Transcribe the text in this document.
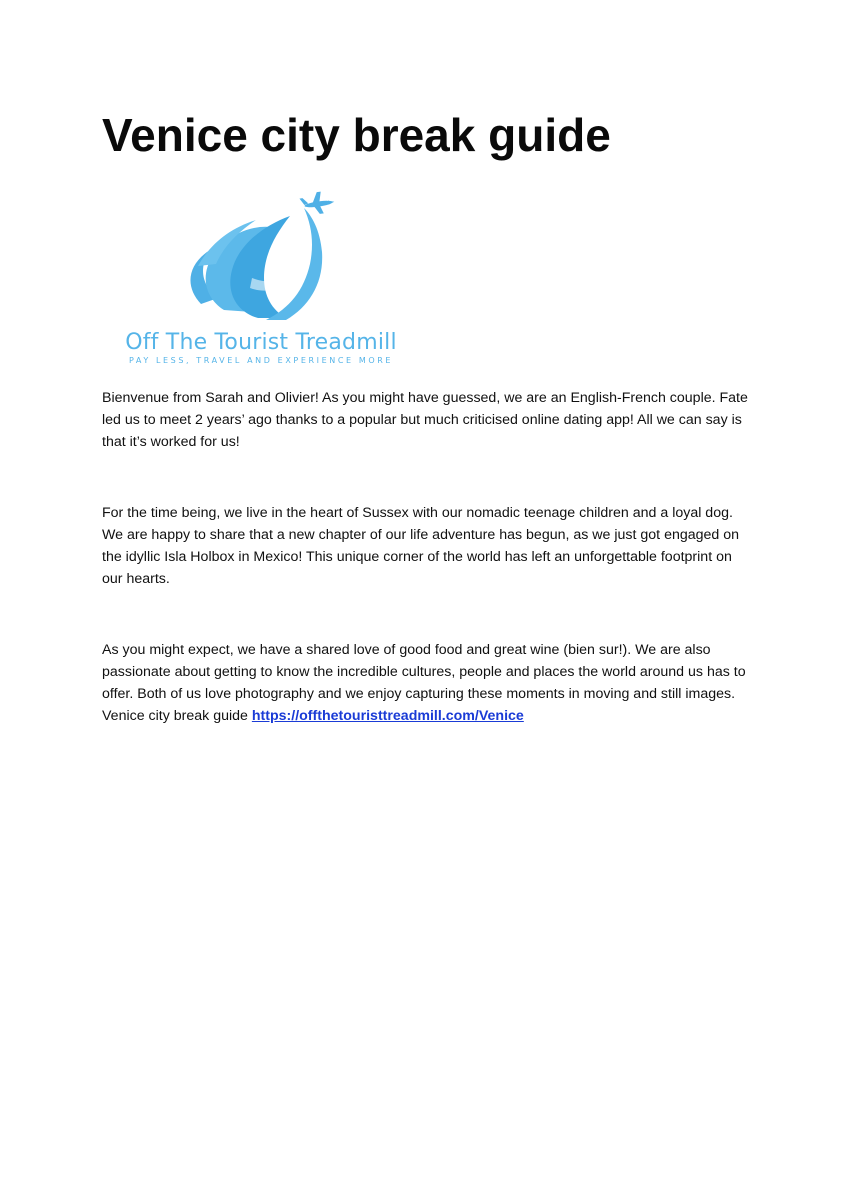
Venice city break guide
Off The Tourist Treadmill
PAY LESS, TRAVEL AND EXPERIENCE MORE

Bienvenue from Sarah and Olivier! As you might have guessed, we are an English-French couple. Fate led us to meet 2 years’ ago thanks to a popular but much criticised online dating app! All we can say is that it’s worked for us!

For the time being, we live in the heart of Sussex with our nomadic teenage children and a loyal dog. We are happy to share that a new chapter of our life adventure has begun, as we just got engaged on the idyllic Isla Holbox in Mexico! This unique corner of the world has left an unforgettable footprint on our hearts.

As you might expect, we have a shared love of good food and great wine (bien sur!). We are also passionate about getting to know the incredible cultures, people and places the world around us has to offer. Both of us love photography and we enjoy capturing these moments in moving and still images. Venice city break guide https://offthetouristtreadmill.com/Venice
